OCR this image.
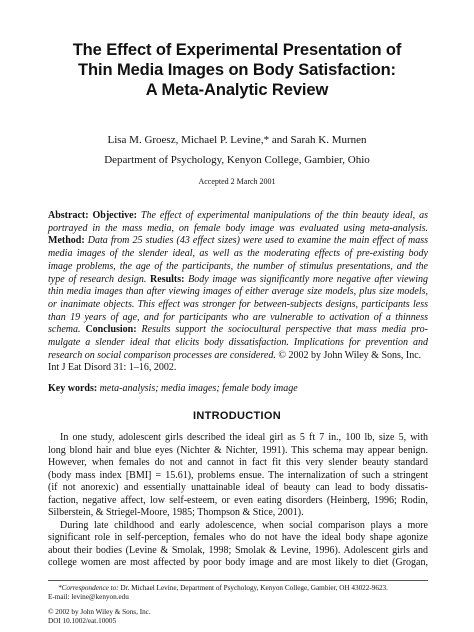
The Effect of Experimental Presentation of
Thin Media Images on Body Satisfaction:
A Meta-Analytic Review
Lisa M. Groesz, Michael P. Levine,* and Sarah K. Murnen
Department of Psychology, Kenyon College, Gambier, Ohio
Accepted 2 March 2001
Abstract: Objective: The effect of experimental manipulations of the thin beauty ideal, as
portrayed in the mass media, on female body image was evaluated using meta-analysis.
Method: Data from 25 studies (43 effect sizes) were used to examine the main effect of mass
media images of the slender ideal, as well as the moderating effects of pre-existing body
image problems, the age of the participants, the number of stimulus presentations, and the
type of research design. Results: Body image was significantly more negative after viewing
thin media images than after viewing images of either average size models, plus size models,
or inanimate objects. This effect was stronger for between-subjects designs, participants less
than 19 years of age, and for participants who are vulnerable to activation of a thinness
schema. Conclusion: Results support the sociocultural perspective that mass media pro-
mulgate a slender ideal that elicits body dissatisfaction. Implications for prevention and
research on social comparison processes are considered. © 2002 by John Wiley & Sons, Inc.
Int J Eat Disord 31: 1–16, 2002.
Key words: meta-analysis; media images; female body image
INTRODUCTION
In one study, adolescent girls described the ideal girl as 5 ft 7 in., 100 lb, size 5, with
long blond hair and blue eyes (Nichter & Nichter, 1991). This schema may appear benign.
However, when females do not and cannot in fact fit this very slender beauty standard
(body mass index [BMI] = 15.61), problems ensue. The internalization of such a stringent
(if not anorexic) and essentially unattainable ideal of beauty can lead to body dissatis-
faction, negative affect, low self-esteem, or even eating disorders (Heinberg, 1996; Rodin,
Silberstein, & Striegel-Moore, 1985; Thompson & Stice, 2001).
During late childhood and early adolescence, when social comparison plays a more
significant role in self-perception, females who do not have the ideal body shape agonize
about their bodies (Levine & Smolak, 1998; Smolak & Levine, 1996). Adolescent girls and
college women are most affected by poor body image and are most likely to diet (Grogan,
*Correspondence to: Dr. Michael Levine, Department of Psychology, Kenyon College, Gambier, OH 43022-9623.
E-mail: levine@kenyon.edu
© 2002 by John Wiley & Sons, Inc.
DOI 10.1002/eat.10005
